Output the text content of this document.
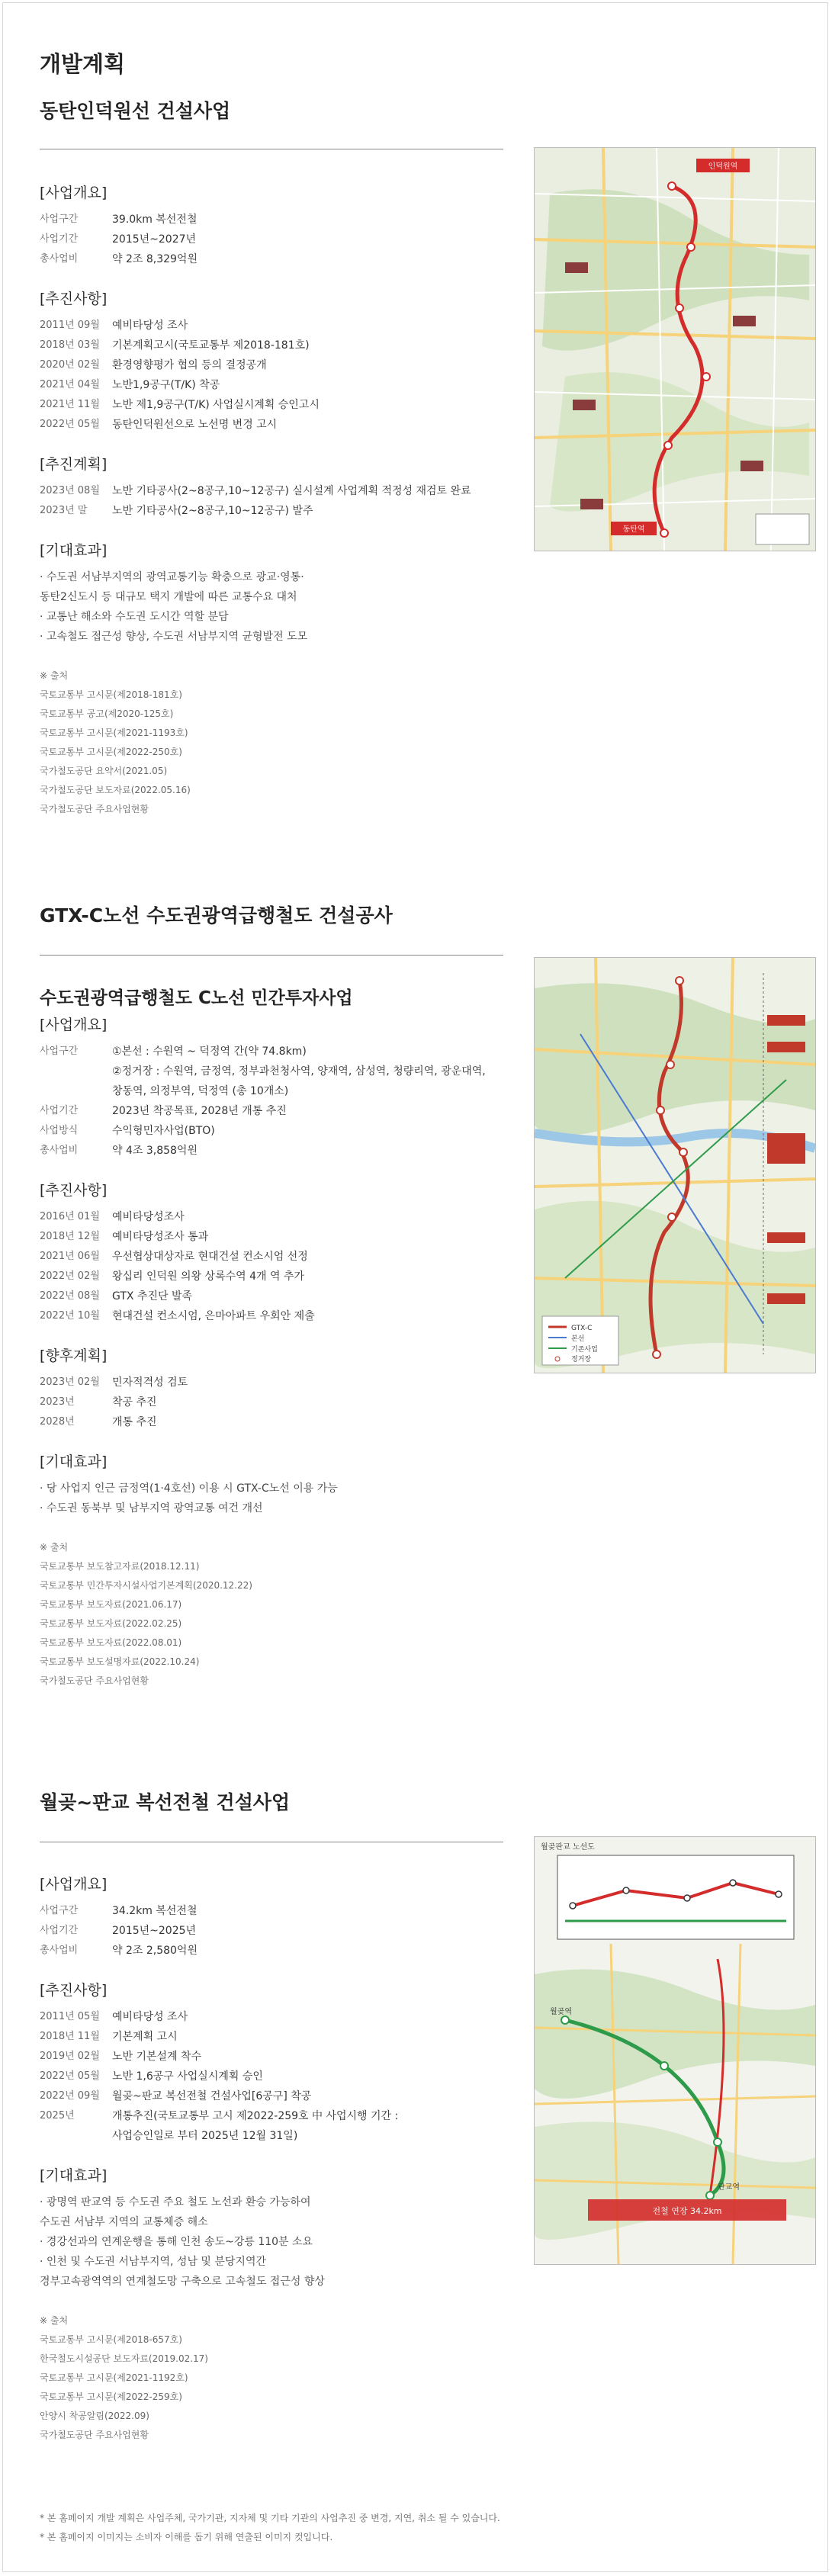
개발계획
동탄인덕원선 건설사업
[사업개요]
사업구간	39.0km 복선전철
사업기간	2015년~2027년
총사업비	약 2조 8,329억원
[추진사항]
2011년 09월	예비타당성 조사
2018년 03월	기본계획고시(국토교통부 제2018-181호)
2020년 02월	환경영향평가 협의 등의 결정공개
2021년 04월	노반1,9공구(T/K) 착공
2021년 11월	노반 제1,9공구(T/K) 사업실시계획 승인고시
2022년 05월	동탄인덕원선으로 노선명 변경 고시
[추진계획]
2023년 08월	노반 기타공사(2~8공구,10~12공구) 실시설계 사업계획 적정성 재검토 완료
2023년 말	노반 기타공사(2~8공구,10~12공구) 발주
[기대효과]
· 수도권 서남부지역의 광역교통기능 확충으로 광교·영통·
동탄2신도시 등 대규모 택지 개발에 따른 교통수요 대처
· 교통난 해소와 수도권 도시간 역할 분담
· 고속철도 접근성 향상, 수도권 서남부지역 균형발전 도모
※ 출처
국토교통부 고시문(제2018-181호)
국토교통부 공고(제2020-125호)
국토교통부 고시문(제2021-1193호)
국토교통부 고시문(제2022-250호)
국가철도공단 요약서(2021.05)
국가철도공단 보도자료(2022.05.16)
국가철도공단 주요사업현황
인덕원역
동탄역
GTX-C노선 수도권광역급행철도 건설공사
수도권광역급행철도 C노선 민간투자사업
[사업개요]
사업구간	①본선 : 수원역 ~ 덕정역 간(약 74.8km)
②정거장 : 수원역, 금정역, 정부과천청사역, 양재역, 삼성역, 청량리역, 광운대역,
창동역, 의정부역, 덕정역 (총 10개소)
사업기간	2023년 착공목표, 2028년 개통 추진
사업방식	수익형민자사업(BTO)
총사업비	약 4조 3,858억원
[추진사항]
2016년 01월	예비타당성조사
2018년 12월	예비타당성조사 통과
2021년 06월	우선협상대상자로 현대건설 컨소시엄 선정
2022년 02월	왕십리 인덕원 의왕 상록수역 4개 역 추가
2022년 08월	GTX 추진단 발족
2022년 10월	현대건설 컨소시엄, 은마아파트 우회안 제출
[향후계획]
2023년 02월	민자적격성 검토
2023년	착공 추진
2028년	개통 추진
[기대효과]
· 당 사업지 인근 금정역(1·4호선) 이용 시 GTX-C노선 이용 가능
· 수도권 동북부 및 남부지역 광역교통 여건 개선
※ 출처
국토교통부 보도참고자료(2018.12.11)
국토교통부 민간투자시설사업기본계획(2020.12.22)
국토교통부 보도자료(2021.06.17)
국토교통부 보도자료(2022.02.25)
국토교통부 보도자료(2022.08.01)
국토교통부 보도설명자료(2022.10.24)
국가철도공단 주요사업현황
GTX-C
본선
기존사업
정거장
월곶~판교 복선전철 건설사업
[사업개요]
사업구간	34.2km 복선전철
사업기간	2015년~2025년
총사업비	약 2조 2,580억원
[추진사항]
2011년 05월	예비타당성 조사
2018년 11월	기본계획 고시
2019년 02월	노반 기본설계 착수
2022년 05월	노반 1,6공구 사업실시계획 승인
2022년 09월	월곶~판교 복선전철 건설사업[6공구] 착공
2025년	개통추진(국토교통부 고시 제2022-259호 中 사업시행 기간 :
사업승인일로 부터 2025년 12월 31일)
[기대효과]
· 광명역 판교역 등 수도권 주요 철도 노선과 환승 가능하여
수도권 서남부 지역의 교통체증 해소
· 경강선과의 연계운행을 통해 인천 송도~강릉 110분 소요
· 인천 및 수도권 서남부지역, 성남 및 분당지역간
경부고속광역역의 연계철도망 구축으로 고속철도 접근성 향상
※ 출처
국토교통부 고시문(제2018-657호)
한국철도시설공단 보도자료(2019.02.17)
국토교통부 고시문(제2021-1192호)
국토교통부 고시문(제2022-259호)
안양시 착공알림(2022.09)
국가철도공단 주요사업현황
월곶판교 노선도
전철 연장 34.2km
월곶역
판교역
* 본 홈페이지 개발 계획은 사업주체, 국가기관, 지자체 및 기타 기관의 사업추진 중 변경, 지연, 취소 될 수 있습니다.
* 본 홈페이지 이미지는 소비자 이해를 돕기 위해 연출된 이미지 컷입니다.
